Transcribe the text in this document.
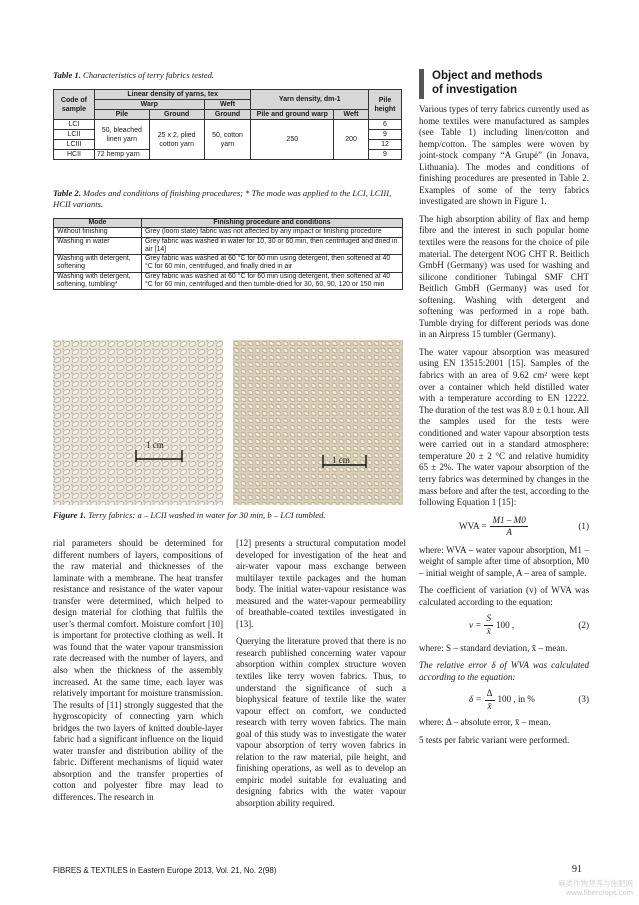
Table 1. Characteristics of terry fabrics tested.
Code of sample	Linear density of yarns, tex			Yarn density, dm-1		Pile height
	Warp		Weft			
	Pile	Ground	Ground	Pile and ground warp	Weft	
LCI	50, bleached linen yarn	25 x 2, plied cotton yarn	50, cotton yarn	250	200	6
LCII						9
LCIII						12
HCII	72 hemp yarn					9
Table 2. Modes and conditions of finishing procedures; * The mode was applied to the LCI, LCIII, HCII variants.
Mode	Finishing procedure and conditions
Without finishing	Grey (loom state) fabric was not affected by any impact or finishing procedure
Washing in water	Grey fabric was washed in water for 10, 30 or 60 min, then centrifuged and dried in air [14]
Washing with detergent, softening	Grey fabric was washed at 60 °C for 60 min using detergent, then softened at 40 °C for 60 min, centrifuged, and finally dried in air
Washing with detergent, softening, tumbling*	Grey fabric was washed at 60 °C for 60 min using detergent, then softened at 40 °C for 60 min, centrifuged and then tumble-dried for 30, 60, 90, 120 or 150 min
1 cm
1 cm
Figure 1. Terry fabrics: a – LCII washed in water for 30 min, b – LCI tumbled.

rial parameters should be determined for different numbers of layers, compositions of the raw material and thicknesses of the laminate with a membrane. The heat transfer resistance and resistance of the water vapour transfer were determined, which helped to design material for clothing that fulfils the user’s thermal comfort. Moisture comfort [10] is important for protective clothing as well. It was found that the water vapour transmission rate decreased with the number of layers, and also when the thickness of the assembly increased. At the same time, each layer was relatively important for moisture transmission. The results of [11] strongly suggested that the hygroscopicity of connecting yarn which bridges the two layers of knitted double-layer fabric had a significant influence on the liquid water transfer and distribution ability of the fabric. Different mechanisms of liquid water absorption and the transfer properties of cotton and polyester fibre may lead to differences. The research in

[12] presents a structural computation model developed for investigation of the heat and air-water vapour mass exchange between multilayer textile packages and the human body. The initial water-vapour resistance was measured and the water-vapour permeability of breathable-coated textiles investigated in [13].

Querying the literature proved that there is no research published concerning water vapour absorption within complex structure woven textiles like terry woven fabrics. Thus, to understand the significance of such a biophysical feature of textile like the water vapour effect on comfort, we conducted research with terry woven fabrics. The main goal of this study was to investigate the water vapour absorption of terry woven fabrics in relation to the raw material, pile height, and finishing operations, as well as to develop an empiric model suitable for evaluating and designing fabrics with the water vapour absorption ability required.

Object and methods
of investigation

Various types of terry fabrics currently used as home textiles were manufactured as samples (see Table 1) including linen/cotton and hemp/cotton. The samples were woven by joint-stock company “A Grupė” (in Jonava, Lithuania). The modes and conditions of finishing procedures are presented in Table 2. Examples of some of the terry fabrics investigated are shown in Figure 1.

The high absorption ability of flax and hemp fibre and the interest in such popular home textiles were the reasons for the choice of pile material. The detergent NOG CHT R. Beitlich GmbH (Germany) was used for washing and silicone conditioner Tubingal SMF CHT Beitlich GmbH (Germany) was used for softening. Washing with detergent and softening was performed in a rope bath. Tumble drying for different periods was done in an Airpress 15 tumbler (Germany).

The water vapour absorption was measured using EN 13515:2001 [15]. Samples of the fabrics with an area of 9.62 cm² were kept over a container which held distilled water with a temperature according to EN 12222. The duration of the test was 8.0 ± 0.1 hour. All the samples used for the tests were conditioned and water vapour absorption tests were carried out in a standard atmosphere: temperature 20 ± 2 °C and relative humidity 65 ± 2%. The water vapour absorption of the terry fabrics was determined by changes in the mass before and after the test, according to the following Equation 1 [15]:

WVA = $\frac{M1 - M0}{A}$	(1)

where: WVA – water vapour absorption, M1 – weight of sample after time of absorption, M0 – initial weight of sample, A – area of sample.

The coefficient of variation (v) of WVA was calculated according to the equation:

$v = \frac{S}{x̄} 100$ ,	(2)

where: S – standard deviation, x̄ – mean.

The relative error δ of WVA was calculated according to the equation:

$\delta = \frac{\Delta}{x̄} 100$ , in %	(3)

where: Δ – absolute error, x̄ – mean.

5 tests per fabric variant were performed.

FIBRES & TEXTILES in Eastern Europe 2013, Vol. 21, No. 2(98)	91
麻类作物营养与施肥网 www.fibercrops.com
